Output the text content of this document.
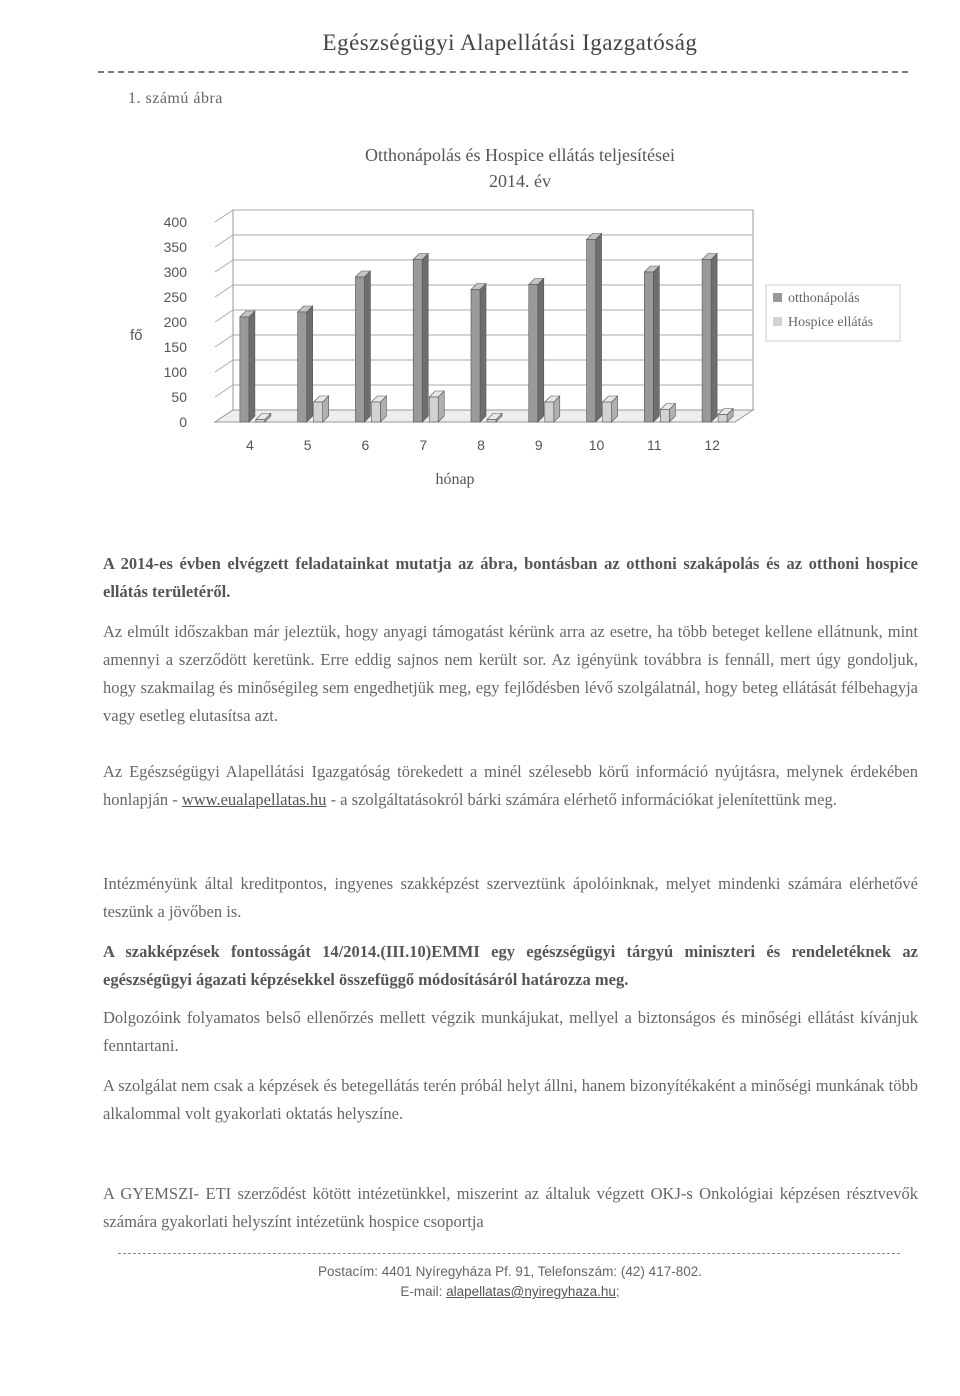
Egészségügyi Alapellátási Igazgatóság
1. számú ábra
Otthonápolás és Hospice ellátás teljesítései
2014. év
0
50
100
150
200
250
300
350
400
fő
4	5	6	7	8	9	10	11	12
hónap
otthonápolás
Hospice ellátás
A 2014-es évben elvégzett feladatainkat mutatja az ábra, bontásban az otthoni szakápolás és az otthoni hospice ellátás területéről.
Az elmúlt időszakban már jeleztük, hogy anyagi támogatást kérünk arra az esetre, ha több beteget kellene ellátnunk, mint amennyi a szerződött keretünk. Erre eddig sajnos nem került sor. Az igényünk továbbra is fennáll, mert úgy gondoljuk, hogy szakmailag és minőségileg sem engedhetjük meg, egy fejlődésben lévő szolgálatnál, hogy beteg ellátását félbehagyja vagy esetleg elutasítsa azt.
Az Egészségügyi Alapellátási Igazgatóság törekedett a minél szélesebb körű információ nyújtásra, melynek érdekében honlapján - www.eualapellatas.hu - a szolgáltatásokról bárki számára elérhető információkat jelenítettünk meg.
Intézményünk által kreditpontos, ingyenes szakképzést szerveztünk ápolóinknak, melyet mindenki számára elérhetővé teszünk a jövőben is.
A szakképzések fontosságát 14/2014.(III.10)EMMI egy egészségügyi tárgyú miniszteri és rendeletéknek az egészségügyi ágazati képzésekkel összefüggő módosításáról határozza meg.
Dolgozóink folyamatos belső ellenőrzés mellett végzik munkájukat, mellyel a biztonságos és minőségi ellátást kívánjuk fenntartani.
A szolgálat nem csak a képzések és betegellátás terén próbál helyt állni, hanem bizonyítékaként a minőségi munkának több alkalommal volt gyakorlati oktatás helyszíne.
A GYEMSZI- ETI szerződést kötött intézetünkkel, miszerint az általuk végzett OKJ-s Onkológiai képzésen résztvevők számára gyakorlati helyszínt intézetünk hospice csoportja
Postacím: 4401 Nyíregyháza Pf. 91, Telefonszám: (42) 417-802.
E-mail: alapellatas@nyiregyhaza.hu;
